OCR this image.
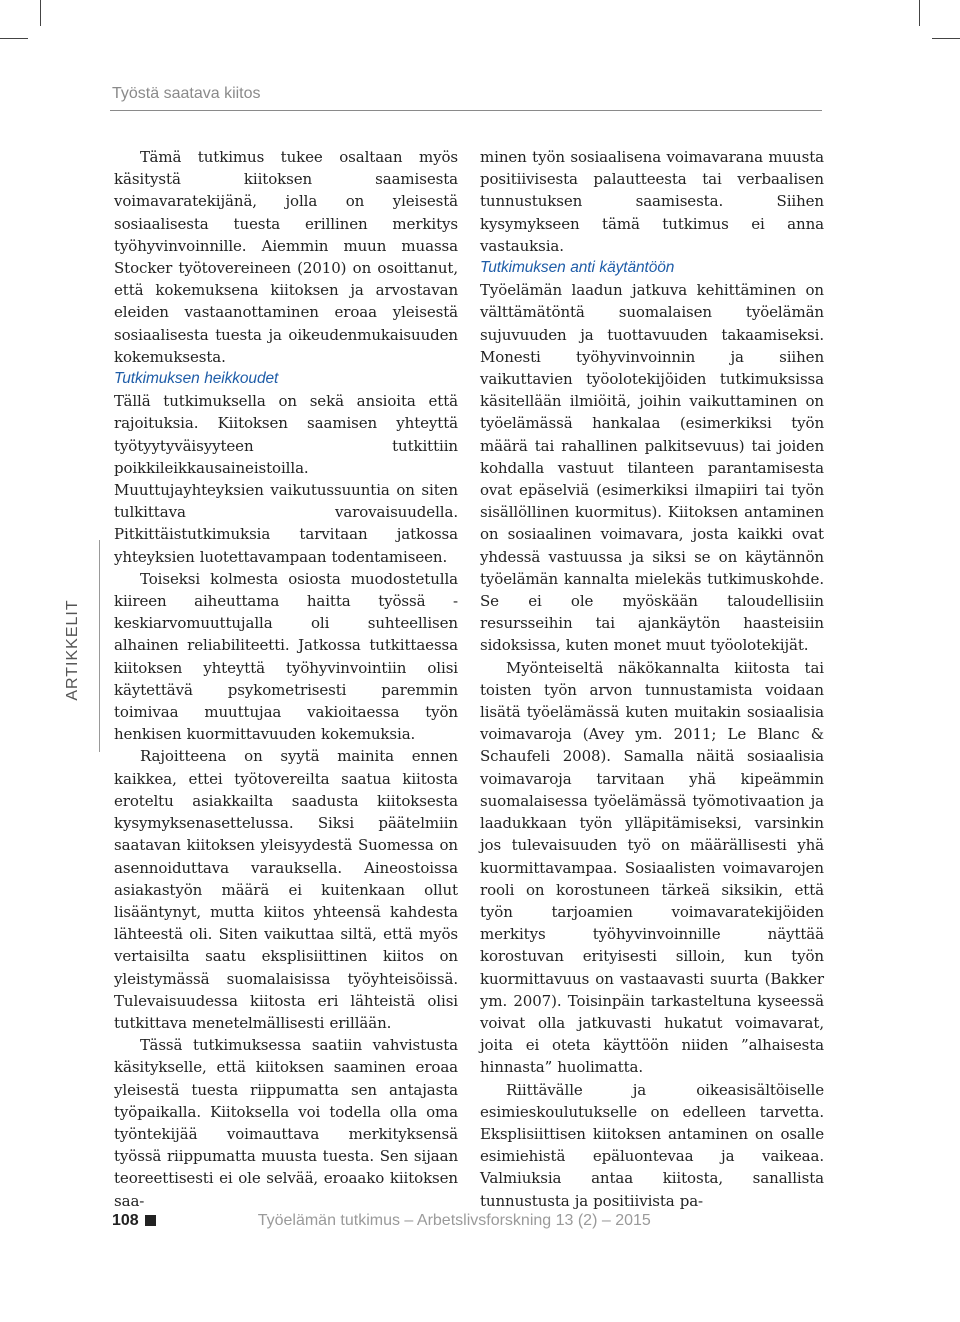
Työstä saatava kiitos
ARTIKKELIT

Tämä tutkimus tukee osaltaan myös käsitystä kiitoksen saamisesta voimavaratekijänä, jolla on yleisestä sosiaalisesta tuesta erillinen merkitys työhyvinvoinnille. Aiemmin muun muassa Stocker työtovereineen (2010) on osoittanut, että kokemuksena kiitoksen ja arvostavan eleiden vastaanottaminen eroaa yleisestä sosiaalisesta tuesta ja oikeudenmukaisuuden kokemuksesta.

Tutkimuksen heikkoudet

Tällä tutkimuksella on sekä ansioita että rajoituksia. Kiitoksen saamisen yhteyttä työtyytyväisyyteen tutkittiin poikkileikkausaineistoilla. Muuttujayhteyksien vaikutussuuntia on siten tulkittava varovaisuudella. Pitkittäistutkimuksia tarvitaan jatkossa yhteyksien luotettavampaan todentamiseen.

Toiseksi kolmesta osiosta muodostetulla kiireen aiheuttama haitta työssä -keskiarvomuuttujalla oli suhteellisen alhainen reliabiliteetti. Jatkossa tutkittaessa kiitoksen yhteyttä työhyvinvointiin olisi käytettävä psykometrisesti paremmin toimivaa muuttujaa vakioitaessa työn henkisen kuormittavuuden kokemuksia.

Rajoitteena on syytä mainita ennen kaikkea, ettei työtovereilta saatua kiitosta eroteltu asiakkailta saadusta kiitoksesta kysymyksenasettelussa. Siksi päätelmiin saatavan kiitoksen yleisyydestä Suomessa on asennoiduttava varauksella. Aineostoissa asiakastyön määrä ei kuitenkaan ollut lisääntynyt, mutta kiitos yhteensä kahdesta lähteestä oli. Siten vaikuttaa siltä, että myös vertaisilta saatu eksplisiittinen kiitos on yleistymässä suomalaisissa työyhteisöissä. Tulevaisuudessa kiitosta eri lähteistä olisi tutkittava menetelmällisesti erillään.

Tässä tutkimuksessa saatiin vahvistusta käsitykselle, että kiitoksen saaminen eroaa yleisestä tuesta riippumatta sen antajasta työpaikalla. Kiitoksella voi todella olla oma työntekijää voimauttava merkityksensä työssä riippumatta muusta tuesta. Sen sijaan teoreettisesti ei ole selvää, eroaako kiitoksen saa-

minen työn sosiaalisena voimavarana muusta positiivisesta palautteesta tai verbaalisen tunnustuksen saamisesta. Siihen kysymykseen tämä tutkimus ei anna vastauksia.

Tutkimuksen anti käytäntöön

Työelämän laadun jatkuva kehittäminen on välttämätöntä suomalaisen työelämän sujuvuuden ja tuottavuuden takaamiseksi. Monesti työhyvinvoinnin ja siihen vaikuttavien työolotekijöiden tutkimuksissa käsitellään ilmiöitä, joihin vaikuttaminen on työelämässä hankalaa (esimerkiksi työn määrä tai rahallinen palkitsevuus) tai joiden kohdalla vastuut tilanteen parantamisesta ovat epäselviä (esimerkiksi ilmapiiri tai työn sisällöllinen kuormitus). Kiitoksen antaminen on sosiaalinen voimavara, josta kaikki ovat yhdessä vastuussa ja siksi se on käytännön työelämän kannalta mielekäs tutkimuskohde. Se ei ole myöskään taloudellisiin resursseihin tai ajankäytön haasteisiin sidoksissa, kuten monet muut työolotekijät.

Myönteiseltä näkökannalta kiitosta tai toisten työn arvon tunnustamista voidaan lisätä työelämässä kuten muitakin sosiaalisia voimavaroja (Avey ym. 2011; Le Blanc & Schaufeli 2008). Samalla näitä sosiaalisia voimavaroja tarvitaan yhä kipeämmin suomalaisessa työelämässä työmotivaation ja laadukkaan työn ylläpitämiseksi, varsinkin jos tulevaisuuden työ on määrällisesti yhä kuormittavampaa. Sosiaalisten voimavarojen rooli on korostuneen tärkeä siksikin, että työn tarjoamien voimavaratekijöiden merkitys työhyvinvoinnille näyttää korostuvan erityisesti silloin, kun työn kuormittavuus on vastaavasti suurta (Bakker ym. 2007). Toisinpäin tarkasteltuna kyseessä voivat olla jatkuvasti hukatut voimavarat, joita ei oteta käyttöön niiden ”alhaisesta hinnasta” huolimatta.

Riittävälle ja oikeasisältöiselle esimieskoulutukselle on edelleen tarvetta. Eksplisiittisen kiitoksen antaminen on osalle esimiehistä epäluontevaa ja vaikeaa. Valmiuksia antaa kiitosta, sanallista tunnustusta ja positiivista pa-

108	Työelämän tutkimus – Arbetslivsforskning 13 (2) – 2015
